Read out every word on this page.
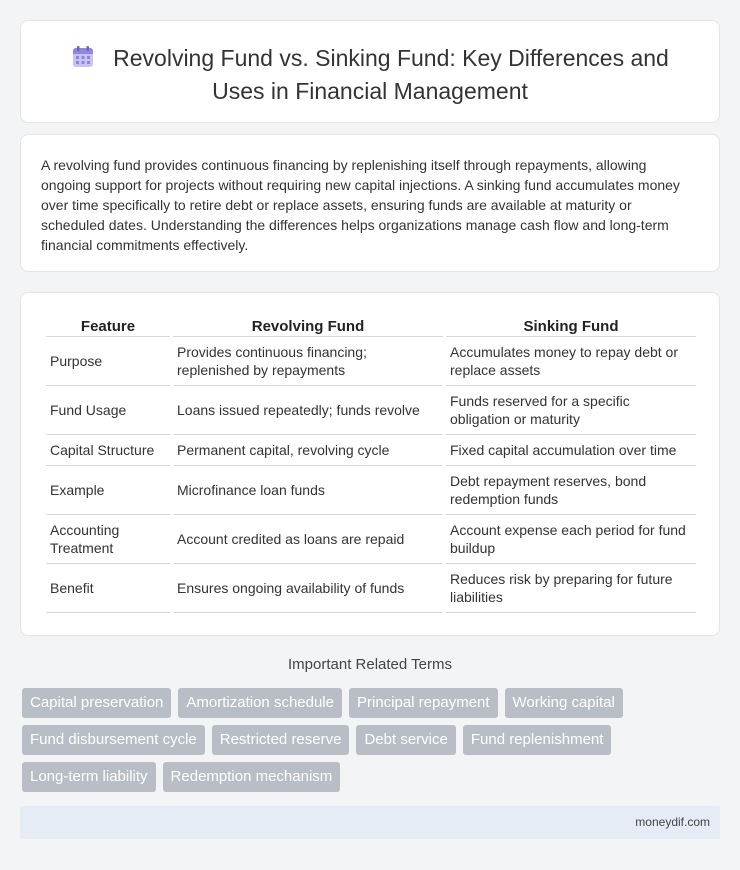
Revolving Fund vs. Sinking Fund: Key Differences and
Uses in Financial Management

A revolving fund provides continuous financing by replenishing itself through repayments, allowing ongoing support for projects without requiring new capital injections. A sinking fund accumulates money over time specifically to retire debt or replace assets, ensuring funds are available at maturity or scheduled dates. Understanding the differences helps organizations manage cash flow and long-term financial commitments effectively.

Feature	Revolving Fund	Sinking Fund
Purpose	Provides continuous financing; replenished by repayments	Accumulates money to repay debt or replace assets
Fund Usage	Loans issued repeatedly; funds revolve	Funds reserved for a specific obligation or maturity
Capital Structure	Permanent capital, revolving cycle	Fixed capital accumulation over time
Example	Microfinance loan funds	Debt repayment reserves, bond redemption funds
Accounting Treatment	Account credited as loans are repaid	Account expense each period for fund buildup
Benefit	Ensures ongoing availability of funds	Reduces risk by preparing for future liabilities
Important Related Terms
Capital preservation	Amortization schedule	Principal repayment	Working capital
Fund disbursement cycle	Restricted reserve	Debt service	Fund replenishment
Long-term liability	Redemption mechanism
moneydif.com
